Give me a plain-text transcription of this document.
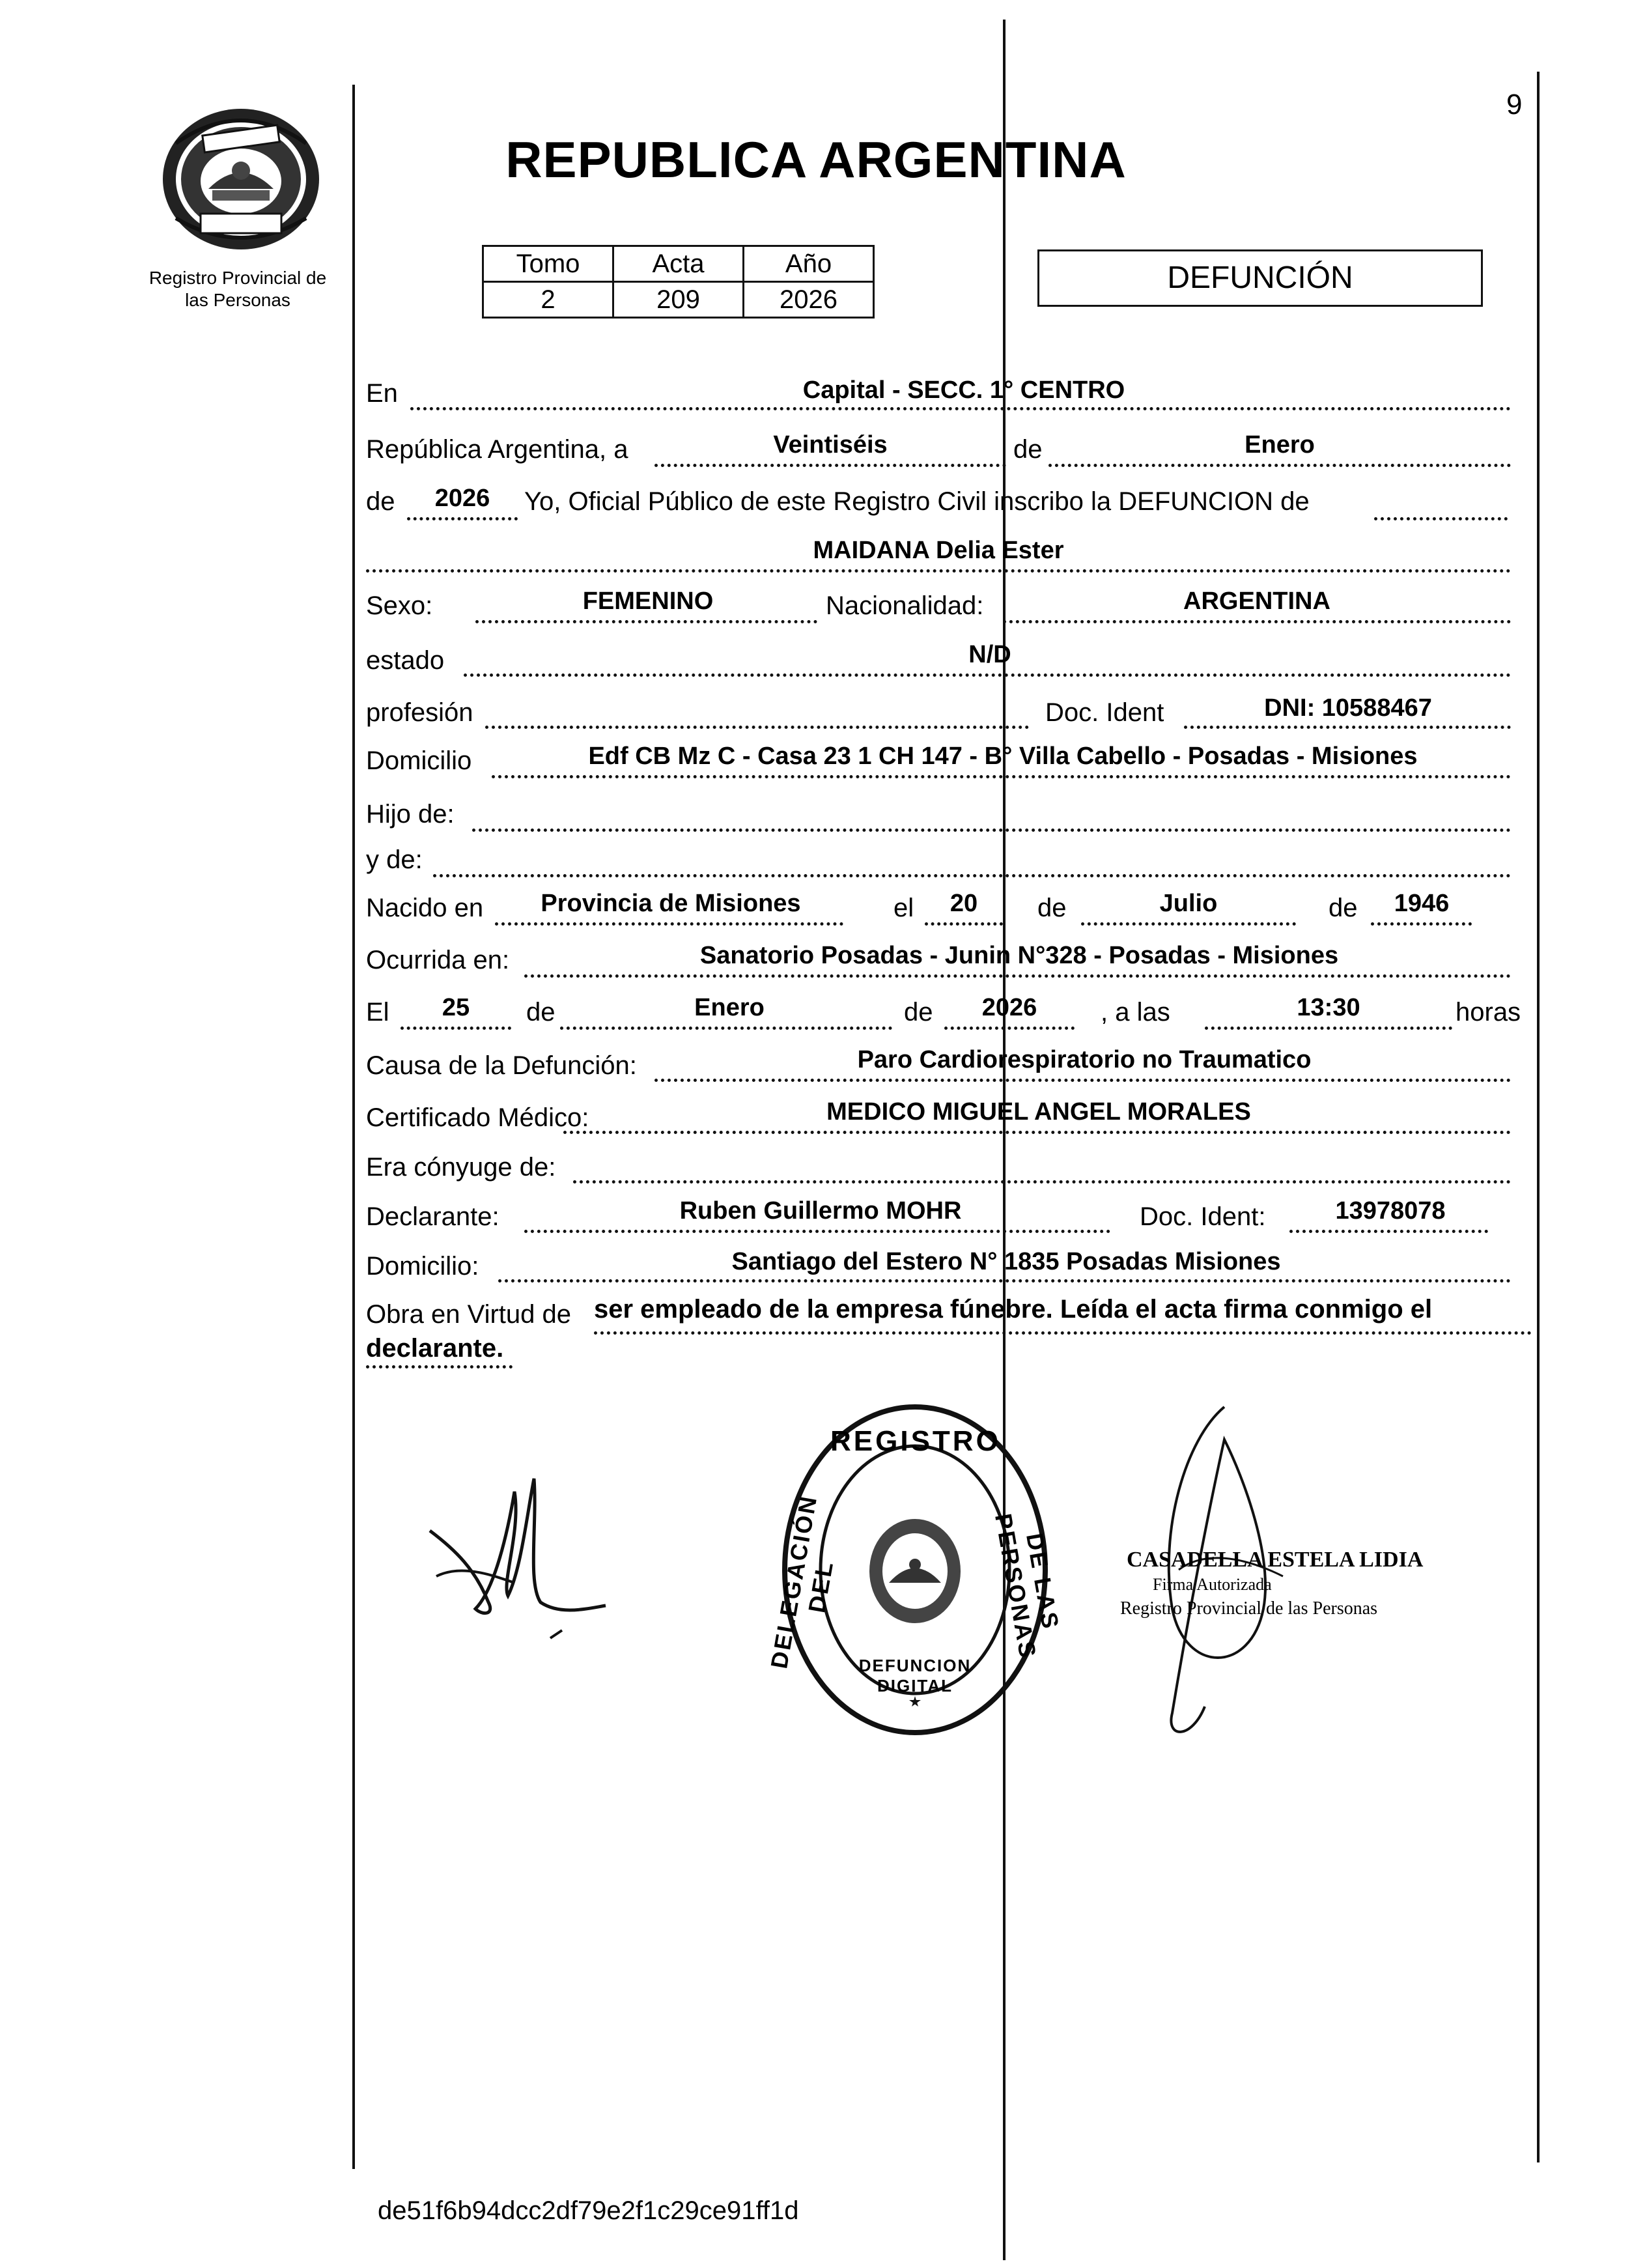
9
Registro Provincial de
las Personas
REPUBLICA ARGENTINA
Tomo	Acta	Año
2	209	2026
DEFUNCIÓN
En	Capital - SECC. 1° CENTRO
República Argentina, a	Veintiséis	de	Enero
de	2026	Yo, Oficial Público de este Registro Civil inscribo la DEFUNCION de
MAIDANA Delia Ester
Sexo:	FEMENINO	Nacionalidad:	ARGENTINA
estado	N/D
profesión	Doc. Ident	DNI: 10588467
Domicilio	Edf CB Mz C - Casa 23 1 CH 147 - B° Villa Cabello - Posadas - Misiones
Hijo de:
y de:
Nacido en	Provincia de Misiones	el	20	de	Julio	de	1946
Ocurrida en:	Sanatorio Posadas - Junin N°328 - Posadas - Misiones
El	25	de	Enero	de	2026	, a las	13:30	horas
Causa de la Defunción:	Paro Cardiorespiratorio no Traumatico
Certificado Médico:	MEDICO MIGUEL ANGEL MORALES
Era cónyuge de:
Declarante:	Ruben Guillermo MOHR	Doc. Ident:	13978078
Domicilio:	Santiago del Estero N° 1835 Posadas Misiones
Obra en Virtud de ser empleado de la empresa fúnebre. Leída el acta firma conmigo el
declarante.
REGISTRO
DELEGACIÓN DEL	DE LAS PERSONAS
DEFUNCION DIGITAL
CASADELLA ESTELA LIDIA
Firma Autorizada
Registro Provincial de las Personas
de51f6b94dcc2df79e2f1c29ce91ff1d
